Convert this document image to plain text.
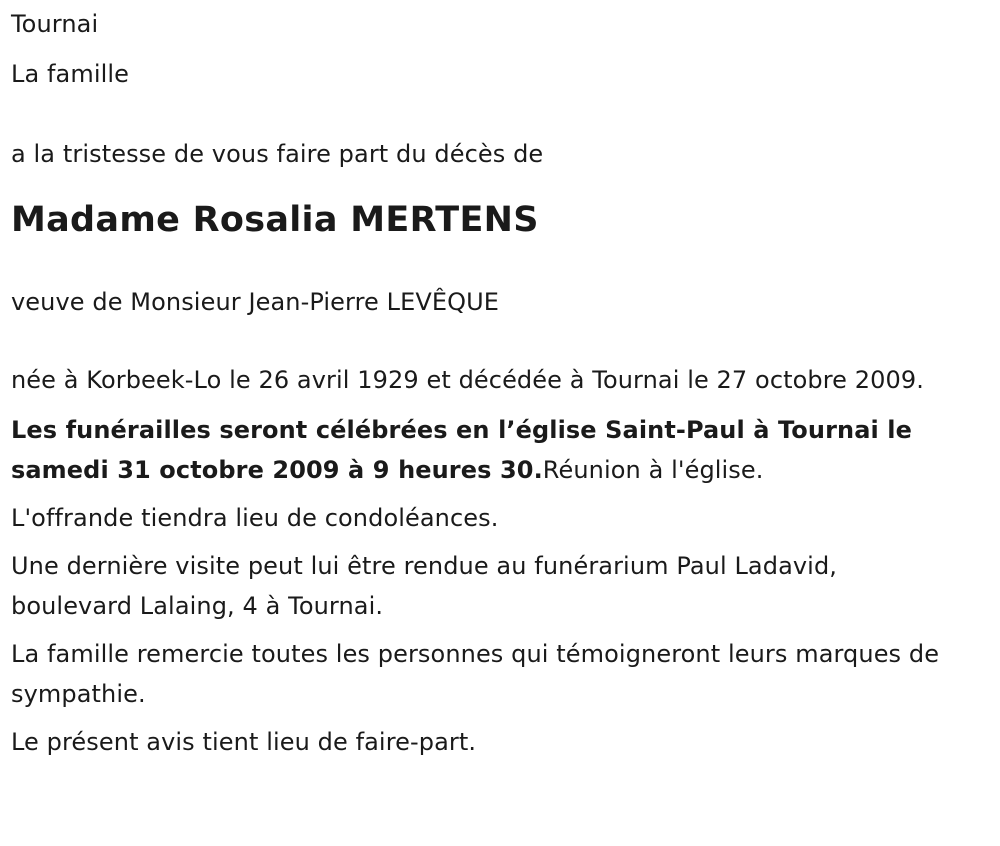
Tournai

La famille

a la tristesse de vous faire part du décès de

Madame Rosalia MERTENS

veuve de Monsieur Jean-Pierre LEVÊQUE

née à Korbeek-Lo le 26 avril 1929 et décédée à Tournai le 27 octobre 2009.

Les funérailles seront célébrées en l’église Saint-Paul à Tournai le samedi 31 octobre 2009 à 9 heures 30.Réunion à l'église.

L'offrande tiendra lieu de condoléances.

Une dernière visite peut lui être rendue au funérarium Paul Ladavid, boulevard Lalaing, 4 à Tournai.

La famille remercie toutes les personnes qui témoigneront leurs marques de sympathie.

Le présent avis tient lieu de faire-part.
